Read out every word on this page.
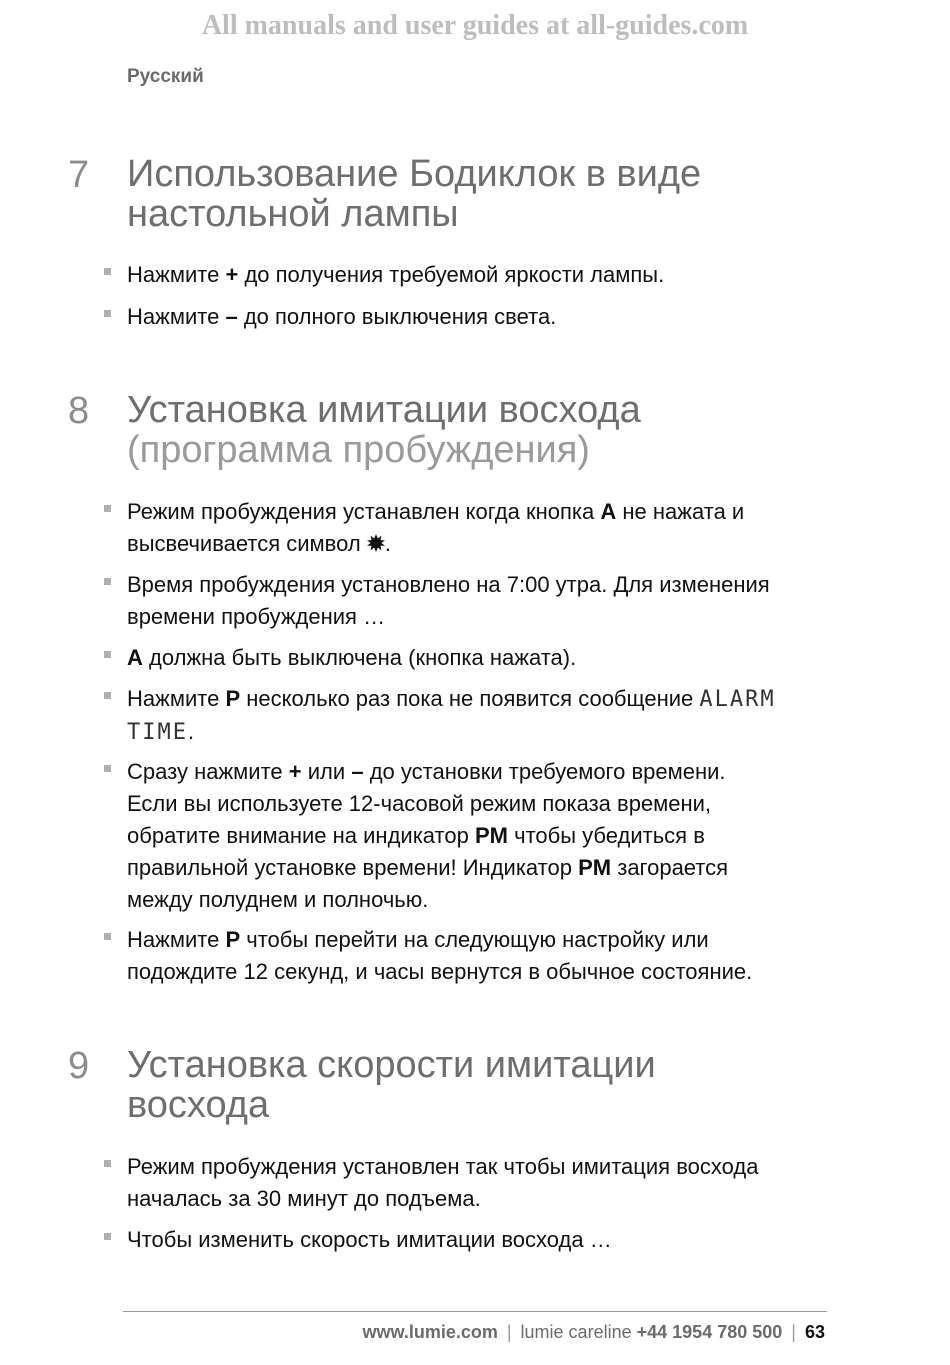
All manuals and user guides at all-guides.com
Русский
7 Использование Бодиклок в виде
настольной лампы
Нажмите + до получения требуемой яркости лампы.
Нажмите – до полного выключения света.
8 Установка имитации восхода
(программа пробуждения)
Режим пробуждения устанавлен когда кнопка A не нажата и
высвечивается символ .
Время пробуждения установлено на 7:00 утра. Для изменения
времени пробуждения …
A должна быть выключена (кнопка нажата).
Нажмите P несколько раз пока не появится сообщение ALARM
TIME.
Сразу нажмите + или – до установки требуемого времени.
Если вы используете 12-часовой режим показа времени,
обратите внимание на индикатор PM чтобы убедиться в
правильной установке времени! Индикатор PM загорается
между полуднем и полночью.
Нажмите P чтобы перейти на следующую настройку или
подождите 12 секунд, и часы вернутся в обычное состояние.
9 Установка скорости имитации
восхода
Режим пробуждения установлен так чтобы имитация восхода
началась за 30 минут до подъема.
Чтобы изменить скорость имитации восхода …
www.lumie.com | lumie careline +44 1954 780 500 | 63
